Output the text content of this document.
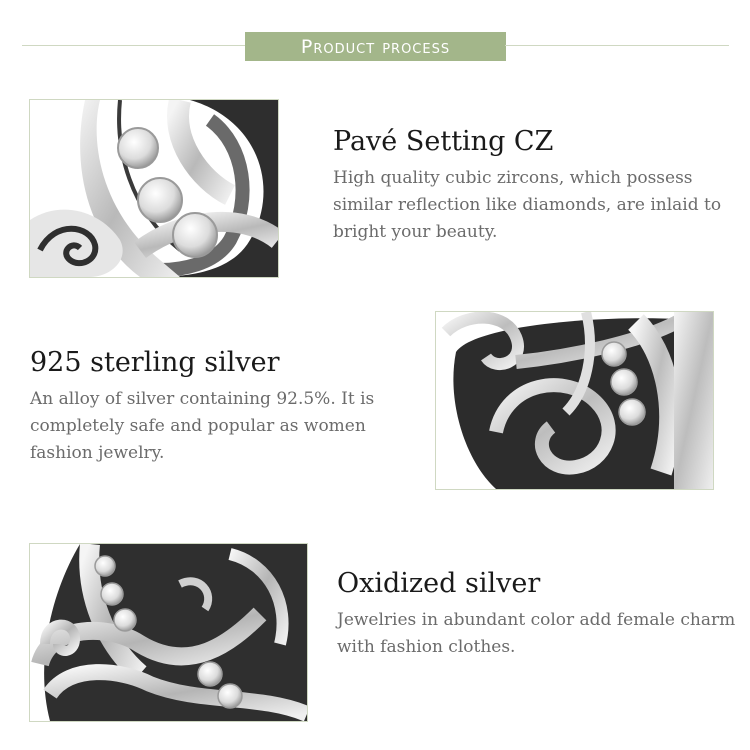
Product process
Pavé Setting CZ

High quality cubic zircons, which possess similar reflection like diamonds, are inlaid to bright your beauty.

925 sterling silver

An alloy of silver containing 92.5%. It is completely safe and popular as women fashion jewelry.

Oxidized silver

Jewelries in abundant color add female charm with fashion clothes.
